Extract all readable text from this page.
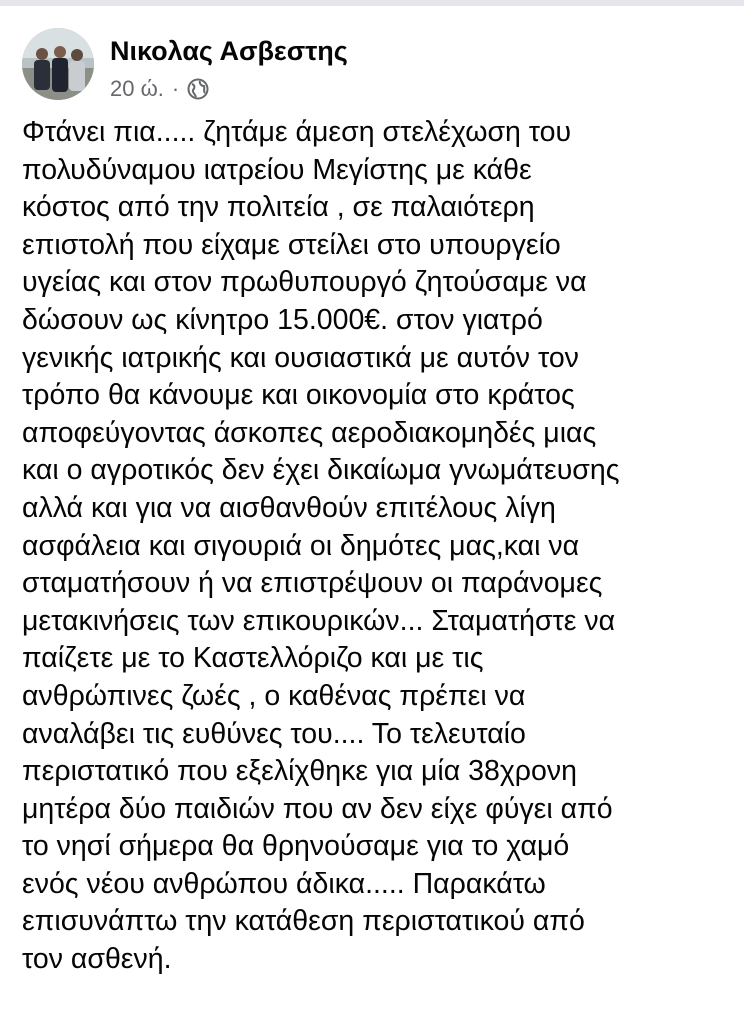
Νικολας Ασβεστης
20 ώ. ·
Φτάνει πια..... ζητάμε άμεση στελέχωση του
πολυδύναμου ιατρείου Μεγίστης με κάθε
κόστος από την πολιτεία , σε παλαιότερη
επιστολή που είχαμε στείλει στο υπουργείο
υγείας και στον πρωθυπουργό ζητούσαμε να
δώσουν ως κίνητρο 15.000€. στον γιατρό
γενικής ιατρικής και ουσιαστικά με αυτόν τον
τρόπο θα κάνουμε και οικονομία στο κράτος
αποφεύγοντας άσκοπες αεροδιακομηδές μιας
και ο αγροτικός δεν έχει δικαίωμα γνωμάτευσης
αλλά και για να αισθανθούν επιτέλους λίγη
ασφάλεια και σιγουριά οι δημότες μας,και να
σταματήσουν ή να επιστρέψουν οι παράνομες
μετακινήσεις των επικουρικών... Σταματήστε να
παίζετε με το Καστελλόριζο και με τις
ανθρώπινες ζωές , ο καθένας πρέπει να
αναλάβει τις ευθύνες του.... Το τελευταίο
περιστατικό που εξελίχθηκε για μία 38χρονη
μητέρα δύο παιδιών που αν δεν είχε φύγει από
το νησί σήμερα θα θρηνούσαμε για το χαμό
ενός νέου ανθρώπου άδικα..... Παρακάτω
επισυνάπτω την κατάθεση περιστατικού από
τον ασθενή.
